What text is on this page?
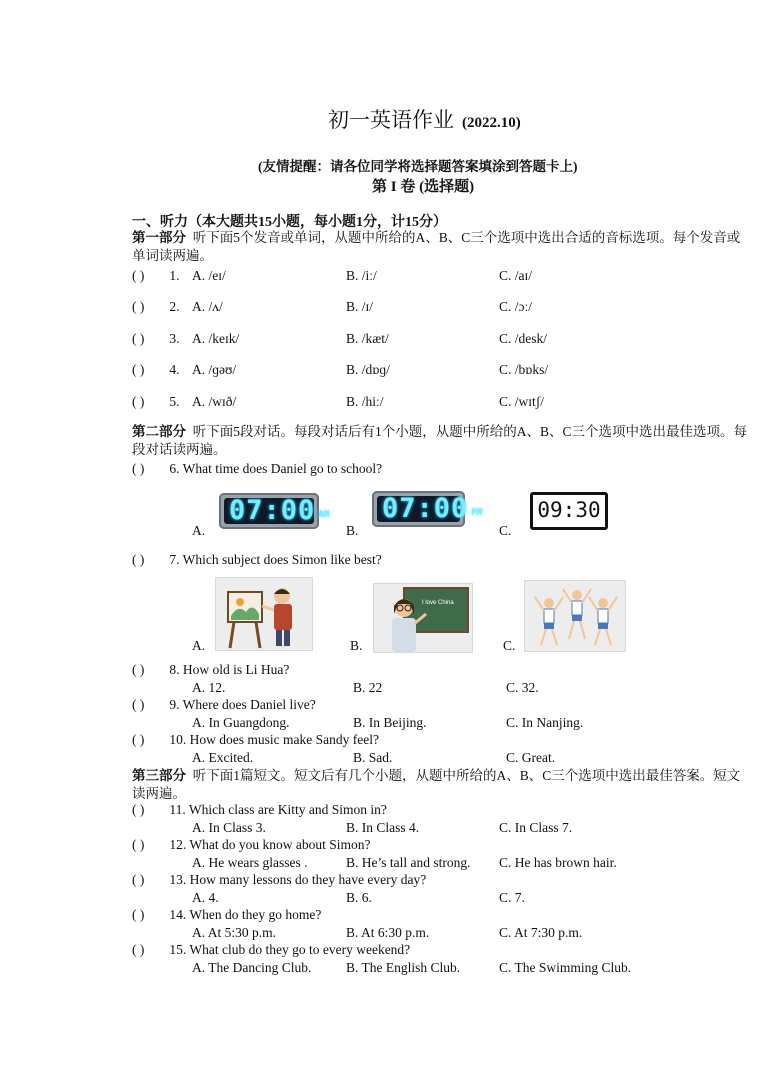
初一英语作业 (2022.10)
(友情提醒：请各位同学将选择题答案填涂到答题卡上)
第 I 卷 (选择题)
一、听力（本大题共15小题，每小题1分，计15分）
第一部分 听下面5个发音或单词，从题中所给的A、B、C三个选项中选出合适的音标选项。每个发音或单词读两遍。
( ) 1. A. /eɪ/	B. /iː/	C. /aɪ/
( ) 2. A. /ʌ/	B. /ɪ/	C. /ɔː/
( ) 3. A. /keɪk/	B. /kæt/	C. /desk/
( ) 4. A. /ɡəʊ/	B. /dɒɡ/	C. /bɒks/
( ) 5. A. /wɪð/	B. /hiː/	C. /wɪtʃ/
第二部分 听下面5段对话。每段对话后有1个小题，从题中所给的A、B、C三个选项中选出最佳选项。每段对话读两遍。
( ) 6. What time does Daniel go to school?
A.
07:00 AM
B.
07:00 PM
C.
09:30
( ) 7. Which subject does Simon like best?
A.	B.
I love China
C.
( ) 8. How old is Li Hua?
A. 12.	B. 22	C. 32.
( ) 9. Where does Daniel live?
A. In Guangdong.	B. In Beijing.	C. In Nanjing.
( ) 10. How does music make Sandy feel?
A. Excited.	B. Sad.	C. Great.
第三部分 听下面1篇短文。短文后有几个小题，从题中所给的A、B、C三个选项中选出最佳答案。短文读两遍。
( ) 11. Which class are Kitty and Simon in?
A. In Class 3.	B. In Class 4.	C. In Class 7.
( ) 12. What do you know about Simon?
A. He wears glasses .	B. He’s tall and strong. C. He has brown hair.
( ) 13. How many lessons do they have every day?
A. 4.	B. 6.	C. 7.
( ) 14. When do they go home?
A. At 5:30 p.m.	B. At 6:30 p.m.	C. At 7:30 p.m.
( ) 15. What club do they go to every weekend?
A. The Dancing Club.	B. The English Club.	C. The Swimming Club.
